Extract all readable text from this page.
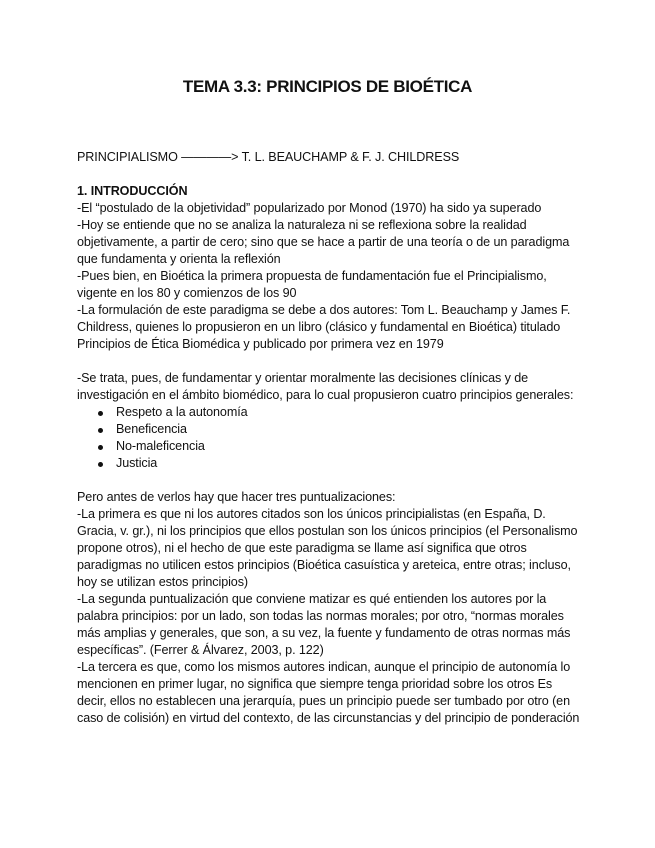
TEMA 3.3: PRINCIPIOS DE BIOÉTICA

PRINCIPIALISMO ————> T. L. BEAUCHAMP & F. J. CHILDRESS

1. INTRODUCCIÓN

-El “postulado de la objetividad” popularizado por Monod (1970) ha sido ya superado

-Hoy se entiende que no se analiza la naturaleza ni se reflexiona sobre la realidad objetivamente, a partir de cero; sino que se hace a partir de una teoría o de un paradigma que fundamenta y orienta la reflexión

-Pues bien, en Bioética la primera propuesta de fundamentación fue el Principialismo, vigente en los 80 y comienzos de los 90

-La formulación de este paradigma se debe a dos autores: Tom L. Beauchamp y James F. Childress, quienes lo propusieron en un libro (clásico y fundamental en Bioética) titulado Principios de Ética Biomédica y publicado por primera vez en 1979

-Se trata, pues, de fundamentar y orientar moralmente las decisiones clínicas y de investigación en el ámbito biomédico, para lo cual propusieron cuatro principios generales:

Respeto a la autonomía
Beneficencia
No-maleficencia
Justicia

Pero antes de verlos hay que hacer tres puntualizaciones:

-La primera es que ni los autores citados son los únicos principialistas (en España, D. Gracia, v. gr.), ni los principios que ellos postulan son los únicos principios (el Personalismo propone otros), ni el hecho de que este paradigma se llame así significa que otros paradigmas no utilicen estos principios (Bioética casuística y areteica, entre otras; incluso, hoy se utilizan estos principios)

-La segunda puntualización que conviene matizar es qué entienden los autores por la palabra principios: por un lado, son todas las normas morales; por otro, “normas morales más amplias y generales, que son, a su vez, la fuente y fundamento de otras normas más específicas”. (Ferrer & Álvarez, 2003, p. 122)

-La tercera es que, como los mismos autores indican, aunque el principio de autonomía lo mencionen en primer lugar, no significa que siempre tenga prioridad sobre los otros Es decir, ellos no establecen una jerarquía, pues un principio puede ser tumbado por otro (en caso de colisión) en virtud del contexto, de las circunstancias y del principio de ponderación
